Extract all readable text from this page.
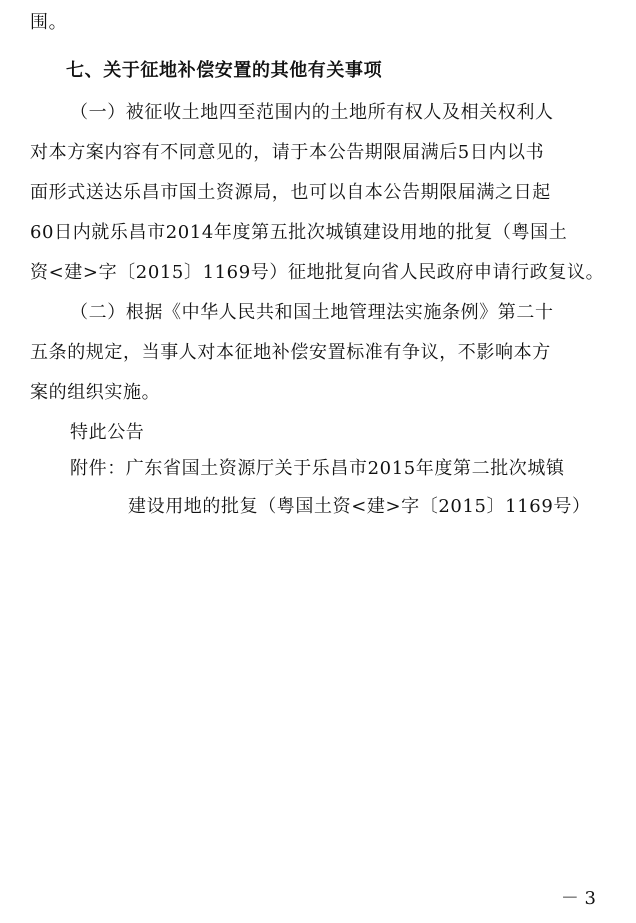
围。
七、关于征地补偿安置的其他有关事项
（一）被征收土地四至范围内的土地所有权人及相关权利人
对本方案内容有不同意见的，请于本公告期限届满后5日内以书
面形式送达乐昌市国土资源局，也可以自本公告期限届满之日起
60日内就乐昌市2014年度第五批次城镇建设用地的批复（粤国土
资<建>字〔2015〕1169号）征地批复向省人民政府申请行政复议。
（二）根据《中华人民共和国土地管理法实施条例》第二十
五条的规定，当事人对本征地补偿安置标准有争议，不影响本方
案的组织实施。
特此公告
附件：广东省国土资源厅关于乐昌市2015年度第二批次城镇
建设用地的批复（粤国土资<建>字〔2015〕1169号）
－ 3
